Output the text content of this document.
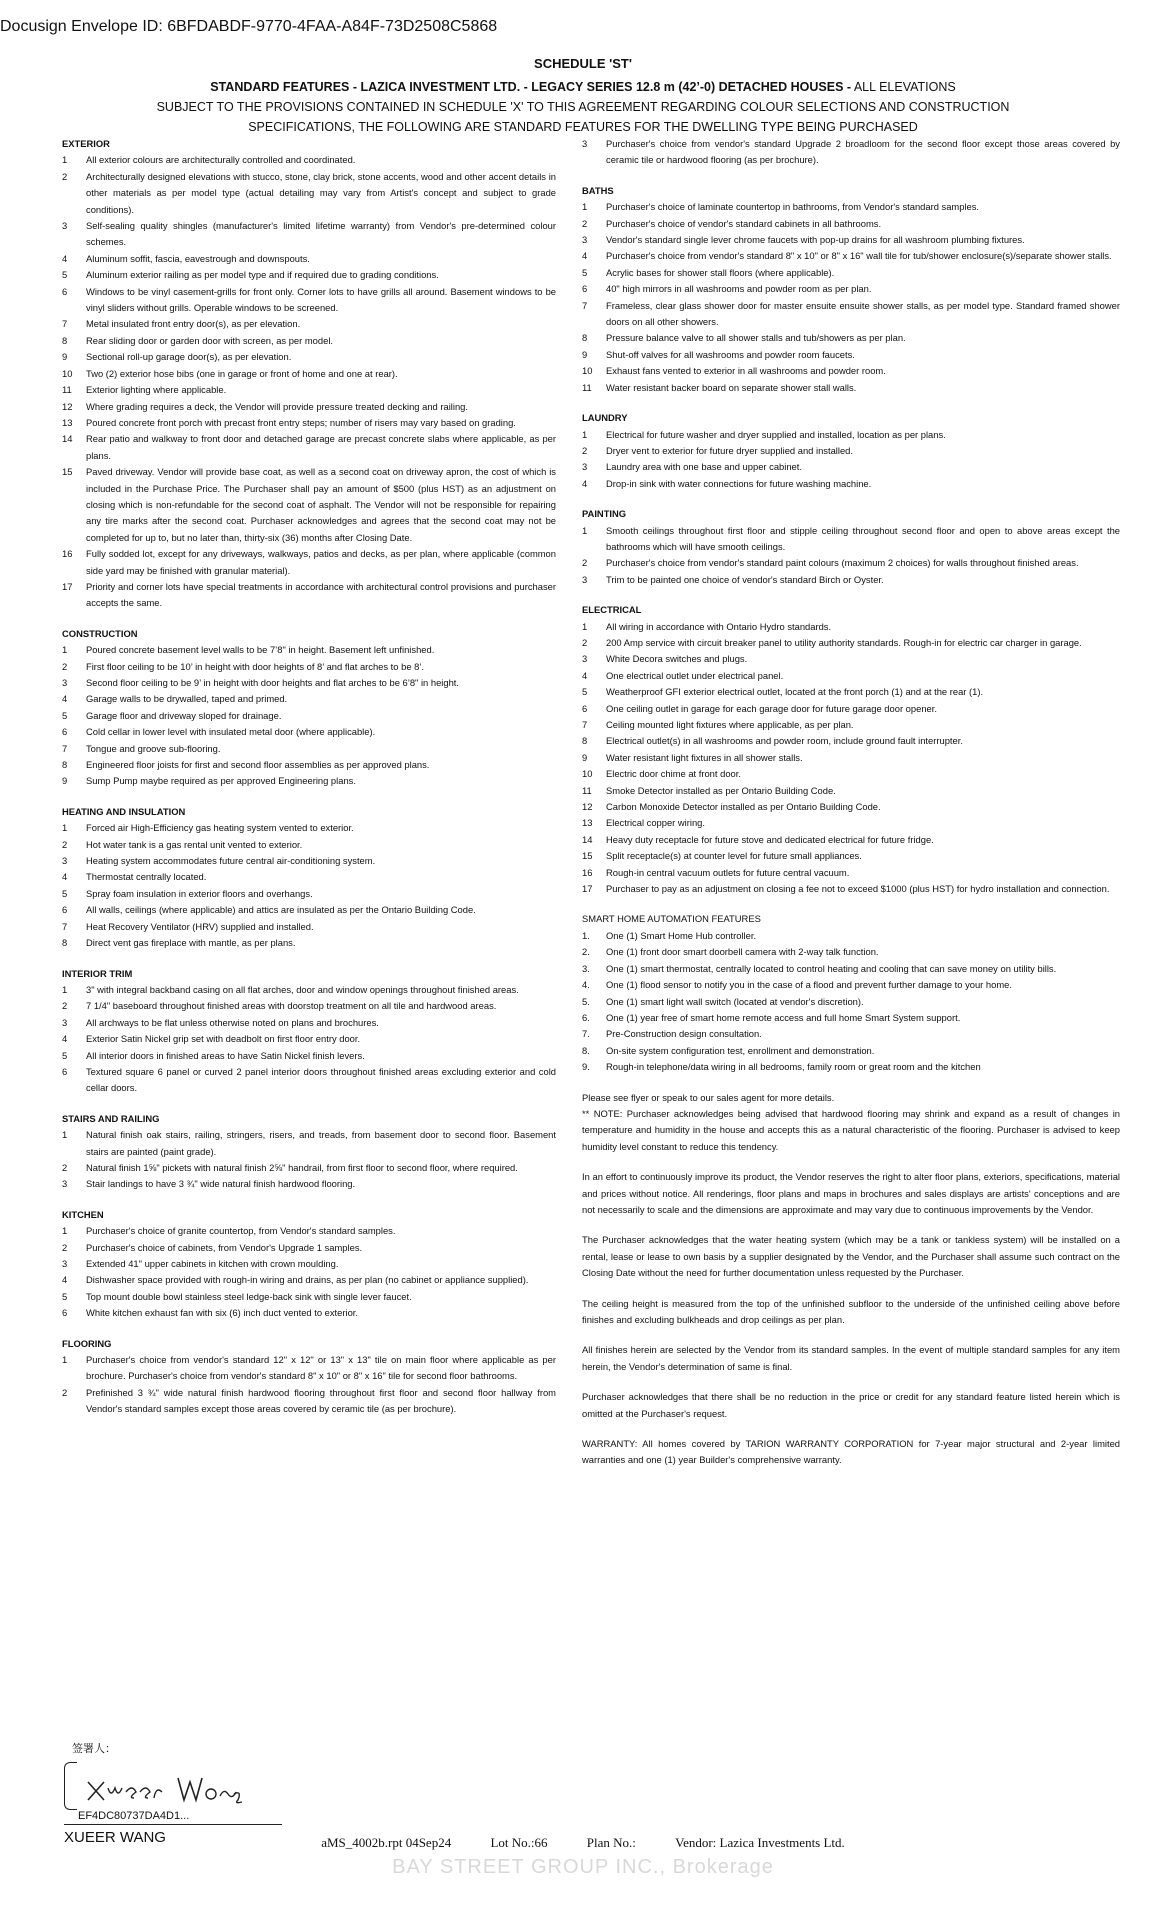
Docusign Envelope ID: 6BFDABDF-9770-4FAA-A84F-73D2508C5868
SCHEDULE 'ST'
STANDARD FEATURES - LAZICA INVESTMENT LTD. - LEGACY SERIES 12.8 m (42’-0) DETACHED HOUSES - ALL ELEVATIONS
SUBJECT TO THE PROVISIONS CONTAINED IN SCHEDULE 'X' TO THIS AGREEMENT REGARDING COLOUR SELECTIONS AND CONSTRUCTION
SPECIFICATIONS, THE FOLLOWING ARE STANDARD FEATURES FOR THE DWELLING TYPE BEING PURCHASED
EXTERIOR
1	All exterior colours are architecturally controlled and coordinated.
2	Architecturally designed elevations with stucco, stone, clay brick, stone accents, wood and other accent details in other materials as per model type (actual detailing may vary from Artist's concept and subject to grade conditions).
3	Self-sealing quality shingles (manufacturer's limited lifetime warranty) from Vendor's pre-determined colour schemes.
4	Aluminum soffit, fascia, eavestrough and downspouts.
5	Aluminum exterior railing as per model type and if required due to grading conditions.
6	Windows to be vinyl casement-grills for front only. Corner lots to have grills all around. Basement windows to be vinyl sliders without grills. Operable windows to be screened.
7	Metal insulated front entry door(s), as per elevation.
8	Rear sliding door or garden door with screen, as per model.
9	Sectional roll-up garage door(s), as per elevation.
10	Two (2) exterior hose bibs (one in garage or front of home and one at rear).
11	Exterior lighting where applicable.
12	Where grading requires a deck, the Vendor will provide pressure treated decking and railing.
13	Poured concrete front porch with precast front entry steps; number of risers may vary based on grading.
14	Rear patio and walkway to front door and detached garage are precast concrete slabs where applicable, as per plans.
15	Paved driveway. Vendor will provide base coat, as well as a second coat on driveway apron, the cost of which is included in the Purchase Price. The Purchaser shall pay an amount of $500 (plus HST) as an adjustment on closing which is non-refundable for the second coat of asphalt. The Vendor will not be responsible for repairing any tire marks after the second coat. Purchaser acknowledges and agrees that the second coat may not be completed for up to, but no later than, thirty-six (36) months after Closing Date.
16	Fully sodded lot, except for any driveways, walkways, patios and decks, as per plan, where applicable (common side yard may be finished with granular material).
17	Priority and corner lots have special treatments in accordance with architectural control provisions and purchaser accepts the same.
CONSTRUCTION
1	Poured concrete basement level walls to be 7’8" in height. Basement left unfinished.
2	First floor ceiling to be 10’ in height with door heights of 8’ and flat arches to be 8’.
3	Second floor ceiling to be 9’ in height with door heights and flat arches to be 6’8" in height.
4	Garage walls to be drywalled, taped and primed.
5	Garage floor and driveway sloped for drainage.
6	Cold cellar in lower level with insulated metal door (where applicable).
7	Tongue and groove sub-flooring.
8	Engineered floor joists for first and second floor assemblies as per approved plans.
9	Sump Pump maybe required as per approved Engineering plans.
HEATING AND INSULATION
1	Forced air High-Efficiency gas heating system vented to exterior.
2	Hot water tank is a gas rental unit vented to exterior.
3	Heating system accommodates future central air-conditioning system.
4	Thermostat centrally located.
5	Spray foam insulation in exterior floors and overhangs.
6	All walls, ceilings (where applicable) and attics are insulated as per the Ontario Building Code.
7	Heat Recovery Ventilator (HRV) supplied and installed.
8	Direct vent gas fireplace with mantle, as per plans.
INTERIOR TRIM
1	3" with integral backband casing on all flat arches, door and window openings throughout finished areas.
2	7 1/4" baseboard throughout finished areas with doorstop treatment on all tile and hardwood areas.
3	All archways to be flat unless otherwise noted on plans and brochures.
4	Exterior Satin Nickel grip set with deadbolt on first floor entry door.
5	All interior doors in finished areas to have Satin Nickel finish levers.
6	Textured square 6 panel or curved 2 panel interior doors throughout finished areas excluding exterior and cold cellar doors.
STAIRS AND RAILING
1	Natural finish oak stairs, railing, stringers, risers, and treads, from basement door to second floor. Basement stairs are painted (paint grade).
2	Natural finish 1⅝" pickets with natural finish 2⅝" handrail, from first floor to second floor, where required.
3	Stair landings to have 3 ¾" wide natural finish hardwood flooring.
KITCHEN
1	Purchaser's choice of granite countertop, from Vendor's standard samples.
2	Purchaser's choice of cabinets, from Vendor's Upgrade 1 samples.
3	Extended 41" upper cabinets in kitchen with crown moulding.
4	Dishwasher space provided with rough-in wiring and drains, as per plan (no cabinet or appliance supplied).
5	Top mount double bowl stainless steel ledge-back sink with single lever faucet.
6	White kitchen exhaust fan with six (6) inch duct vented to exterior.
FLOORING
1	Purchaser's choice from vendor's standard 12" x 12" or 13" x 13" tile on main floor where applicable as per brochure. Purchaser's choice from vendor's standard 8" x 10" or 8" x 16" tile for second floor bathrooms.
2	Prefinished 3 ¾" wide natural finish hardwood flooring throughout first floor and second floor hallway from Vendor's standard samples except those areas covered by ceramic tile (as per brochure).
3	Purchaser's choice from vendor's standard Upgrade 2 broadloom for the second floor except those areas covered by ceramic tile or hardwood flooring (as per brochure).
BATHS
1	Purchaser's choice of laminate countertop in bathrooms, from Vendor's standard samples.
2	Purchaser's choice of vendor's standard cabinets in all bathrooms.
3	Vendor's standard single lever chrome faucets with pop-up drains for all washroom plumbing fixtures.
4	Purchaser's choice from vendor's standard 8" x 10" or 8" x 16" wall tile for tub/shower enclosure(s)/separate shower stalls.
5	Acrylic bases for shower stall floors (where applicable).
6	40" high mirrors in all washrooms and powder room as per plan.
7	Frameless, clear glass shower door for master ensuite ensuite shower stalls, as per model type. Standard framed shower doors on all other showers.
8	Pressure balance valve to all shower stalls and tub/showers as per plan.
9	Shut-off valves for all washrooms and powder room faucets.
10	Exhaust fans vented to exterior in all washrooms and powder room.
11	Water resistant backer board on separate shower stall walls.
LAUNDRY
1	Electrical for future washer and dryer supplied and installed, location as per plans.
2	Dryer vent to exterior for future dryer supplied and installed.
3	Laundry area with one base and upper cabinet.
4	Drop-in sink with water connections for future washing machine.
PAINTING
1	Smooth ceilings throughout first floor and stipple ceiling throughout second floor and open to above areas except the bathrooms which will have smooth ceilings.
2	Purchaser's choice from vendor's standard paint colours (maximum 2 choices) for walls throughout finished areas.
3	Trim to be painted one choice of vendor's standard Birch or Oyster.
ELECTRICAL
1	All wiring in accordance with Ontario Hydro standards.
2	200 Amp service with circuit breaker panel to utility authority standards. Rough-in for electric car charger in garage.
3	White Decora switches and plugs.
4	One electrical outlet under electrical panel.
5	Weatherproof GFI exterior electrical outlet, located at the front porch (1) and at the rear (1).
6	One ceiling outlet in garage for each garage door for future garage door opener.
7	Ceiling mounted light fixtures where applicable, as per plan.
8	Electrical outlet(s) in all washrooms and powder room, include ground fault interrupter.
9	Water resistant light fixtures in all shower stalls.
10	Electric door chime at front door.
11	Smoke Detector installed as per Ontario Building Code.
12	Carbon Monoxide Detector installed as per Ontario Building Code.
13	Electrical copper wiring.
14	Heavy duty receptacle for future stove and dedicated electrical for future fridge.
15	Split receptacle(s) at counter level for future small appliances.
16	Rough-in central vacuum outlets for future central vacuum.
17	Purchaser to pay as an adjustment on closing a fee not to exceed $1000 (plus HST) for hydro installation and connection.
SMART HOME AUTOMATION FEATURES
1.	One (1) Smart Home Hub controller.
2.	One (1) front door smart doorbell camera with 2-way talk function.
3.	One (1) smart thermostat, centrally located to control heating and cooling that can save money on utility bills.
4.	One (1) flood sensor to notify you in the case of a flood and prevent further damage to your home.
5.	One (1) smart light wall switch (located at vendor's discretion).
6.	One (1) year free of smart home remote access and full home Smart System support.
7.	Pre-Construction design consultation.
8.	On-site system configuration test, enrollment and demonstration.
9.	Rough-in telephone/data wiring in all bedrooms, family room or great room and the kitchen
Please see flyer or speak to our sales agent for more details.
** NOTE: Purchaser acknowledges being advised that hardwood flooring may shrink and expand as a result of changes in temperature and humidity in the house and accepts this as a natural characteristic of the flooring. Purchaser is advised to keep humidity level constant to reduce this tendency.
In an effort to continuously improve its product, the Vendor reserves the right to alter floor plans, exteriors, specifications, material and prices without notice. All renderings, floor plans and maps in brochures and sales displays are artists' conceptions and are not necessarily to scale and the dimensions are approximate and may vary due to continuous improvements by the Vendor.
The Purchaser acknowledges that the water heating system (which may be a tank or tankless system) will be installed on a rental, lease or lease to own basis by a supplier designated by the Vendor, and the Purchaser shall assume such contract on the Closing Date without the need for further documentation unless requested by the Purchaser.
The ceiling height is measured from the top of the unfinished subfloor to the underside of the unfinished ceiling above before finishes and excluding bulkheads and drop ceilings as per plan.
All finishes herein are selected by the Vendor from its standard samples. In the event of multiple standard samples for any item herein, the Vendor's determination of same is final.
Purchaser acknowledges that there shall be no reduction in the price or credit for any standard feature listed herein which is omitted at the Purchaser's request.
WARRANTY: All homes covered by TARION WARRANTY CORPORATION for 7-year major structural and 2-year limited warranties and one (1) year Builder's comprehensive warranty.
签署人：
EF4DC80737DA4D1...
XUEER WANG	aMS_4002b.rpt 04Sep24	Lot No.:66	Plan No.:	Vendor: Lazica Investments Ltd.
BAY STREET GROUP INC., Brokerage
